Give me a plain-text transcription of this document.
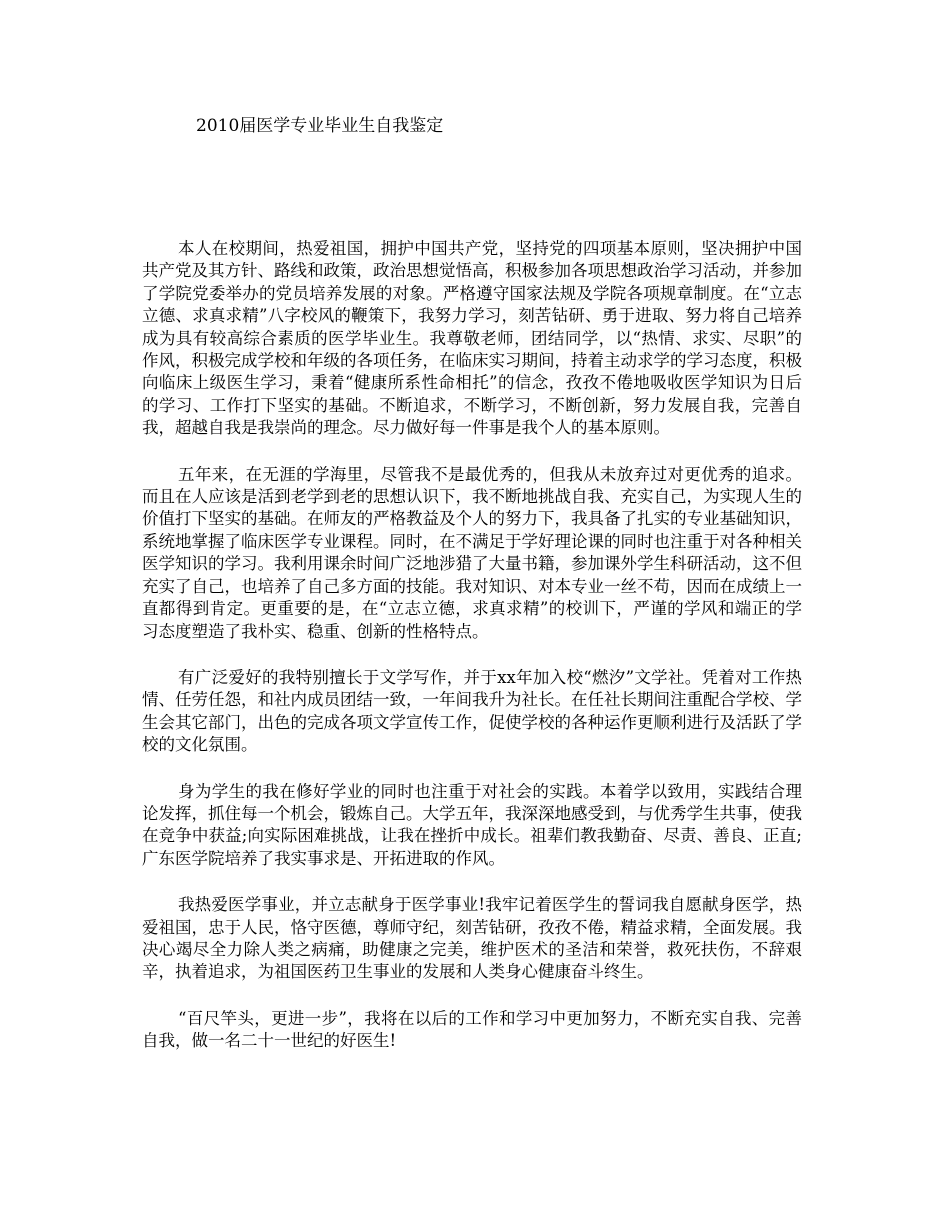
2010届医学专业毕业生自我鉴定

本人在校期间，热爱祖国，拥护中国共产党，坚持党的四项基本原则，坚决拥护中国共产党及其方针、路线和政策，政治思想觉悟高，积极参加各项思想政治学习活动，并参加了学院党委举办的党员培养发展的对象。严格遵守国家法规及学院各项规章制度。在“立志立德、求真求精”八字校风的鞭策下，我努力学习，刻苦钻研、勇于进取、努力将自己培养成为具有较高综合素质的医学毕业生。我尊敬老师，团结同学，以“热情、求实、尽职”的作风，积极完成学校和年级的各项任务，在临床实习期间，持着主动求学的学习态度，积极向临床上级医生学习，秉着“健康所系性命相托”的信念，孜孜不倦地吸收医学知识为日后的学习、工作打下坚实的基础。不断追求，不断学习，不断创新，努力发展自我，完善自我，超越自我是我崇尚的理念。尽力做好每一件事是我个人的基本原则。

五年来，在无涯的学海里，尽管我不是最优秀的，但我从未放弃过对更优秀的追求。而且在人应该是活到老学到老的思想认识下，我不断地挑战自我、充实自己，为实现人生的价值打下坚实的基础。在师友的严格教益及个人的努力下，我具备了扎实的专业基础知识，系统地掌握了临床医学专业课程。同时，在不满足于学好理论课的同时也注重于对各种相关医学知识的学习。我利用课余时间广泛地涉猎了大量书籍，参加课外学生科研活动，这不但充实了自己，也培养了自己多方面的技能。我对知识、对本专业一丝不苟，因而在成绩上一直都得到肯定。更重要的是，在“立志立德，求真求精”的校训下，严谨的学风和端正的学习态度塑造了我朴实、稳重、创新的性格特点。

有广泛爱好的我特别擅长于文学写作，并于xx年加入校“燃汐”文学社。凭着对工作热情、任劳任怨，和社内成员团结一致，一年间我升为社长。在任社长期间注重配合学校、学生会其它部门，出色的完成各项文学宣传工作，促使学校的各种运作更顺利进行及活跃了学校的文化氛围。

身为学生的我在修好学业的同时也注重于对社会的实践。本着学以致用，实践结合理论发挥，抓住每一个机会，锻炼自己。大学五年，我深深地感受到，与优秀学生共事，使我在竞争中获益;向实际困难挑战，让我在挫折中成长。祖辈们教我勤奋、尽责、善良、正直;广东医学院培养了我实事求是、开拓进取的作风。

我热爱医学事业，并立志献身于医学事业!我牢记着医学生的誓词我自愿献身医学，热爱祖国，忠于人民，恪守医德，尊师守纪，刻苦钻研，孜孜不倦，精益求精，全面发展。我决心竭尽全力除人类之病痛，助健康之完美，维护医术的圣洁和荣誉，救死扶伤，不辞艰辛，执着追求，为祖国医药卫生事业的发展和人类身心健康奋斗终生。

“百尺竿头，更进一步”，我将在以后的工作和学习中更加努力，不断充实自我、完善自我，做一名二十一世纪的好医生!
